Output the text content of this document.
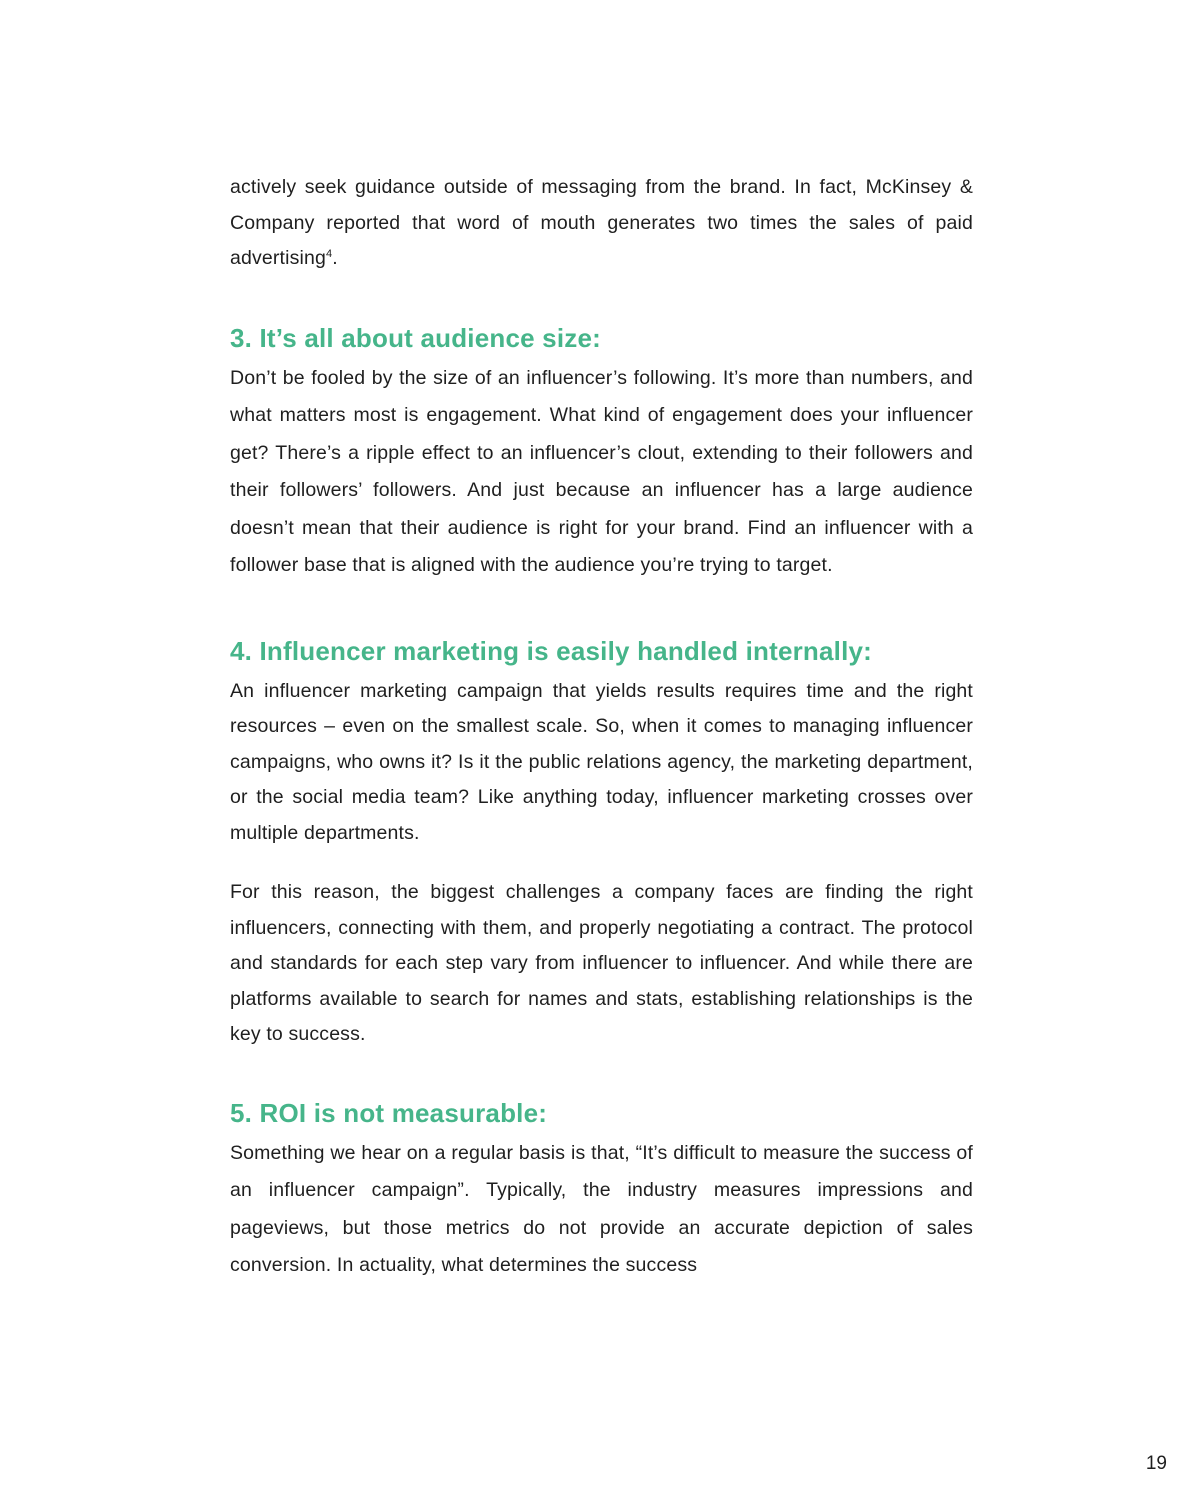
actively seek guidance outside of messaging from the brand. In fact, McKinsey & Company reported that word of mouth generates two times the sales of paid advertising$^4$.

3. It’s all about audience size:

Don’t be fooled by the size of an influencer’s following. It’s more than numbers, and what matters most is engagement. What kind of engagement does your influencer get? There’s a ripple effect to an influencer’s clout, extending to their followers and their followers’ followers. And just because an influencer has a large audience doesn’t mean that their audience is right for your brand. Find an influencer with a follower base that is aligned with the audience you’re trying to target.

4. Influencer marketing is easily handled internally:

An influencer marketing campaign that yields results requires time and the right resources – even on the smallest scale. So, when it comes to managing influencer campaigns, who owns it? Is it the public relations agency, the marketing department, or the social media team? Like anything today, influencer marketing crosses over multiple departments.

For this reason, the biggest challenges a company faces are finding the right influencers, connecting with them, and properly negotiating a contract. The protocol and standards for each step vary from influencer to influencer. And while there are platforms available to search for names and stats, establishing relationships is the key to success.

5. ROI is not measurable:

Something we hear on a regular basis is that, “It’s difficult to measure the success of an influencer campaign”. Typically, the industry measures impressions and pageviews, but those metrics do not provide an accurate depiction of sales conversion. In actuality, what determines the success

19
